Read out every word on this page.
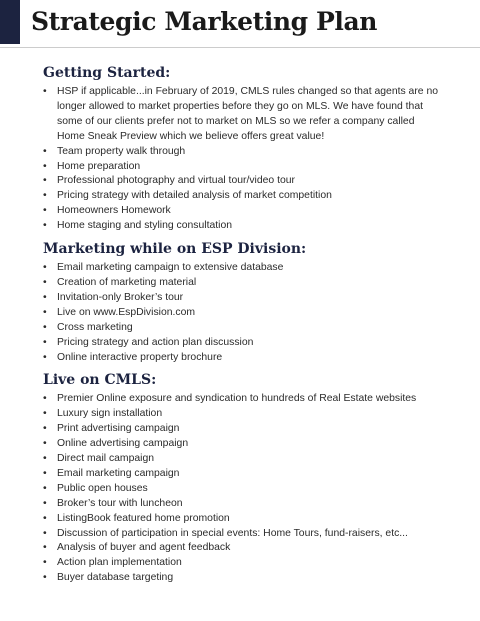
Strategic Marketing Plan
Getting Started:
• HSP if applicable...in February of 2019, CMLS rules changed so that agents are no longer allowed to market properties before they go on MLS. We have found that some of our clients prefer not to market on MLS so we refer a company called Home Sneak Preview which we believe offers great value!
• Team property walk through
• Home preparation
• Professional photography and virtual tour/video tour
• Pricing strategy with detailed analysis of market competition
• Homeowners Homework
• Home staging and styling consultation
Marketing while on ESP Division:
• Email marketing campaign to extensive database
• Creation of marketing material
• Invitation-only Broker’s tour
• Live on www.EspDivision.com
• Cross marketing
• Pricing strategy and action plan discussion
• Online interactive property brochure
Live on CMLS:
• Premier Online exposure and syndication to hundreds of Real Estate websites
• Luxury sign installation
• Print advertising campaign
• Online advertising campaign
• Direct mail campaign
• Email marketing campaign
• Public open houses
• Broker’s tour with luncheon
• ListingBook featured home promotion
• Discussion of participation in special events: Home Tours, fund-raisers, etc...
• Analysis of buyer and agent feedback
• Action plan implementation
• Buyer database targeting
